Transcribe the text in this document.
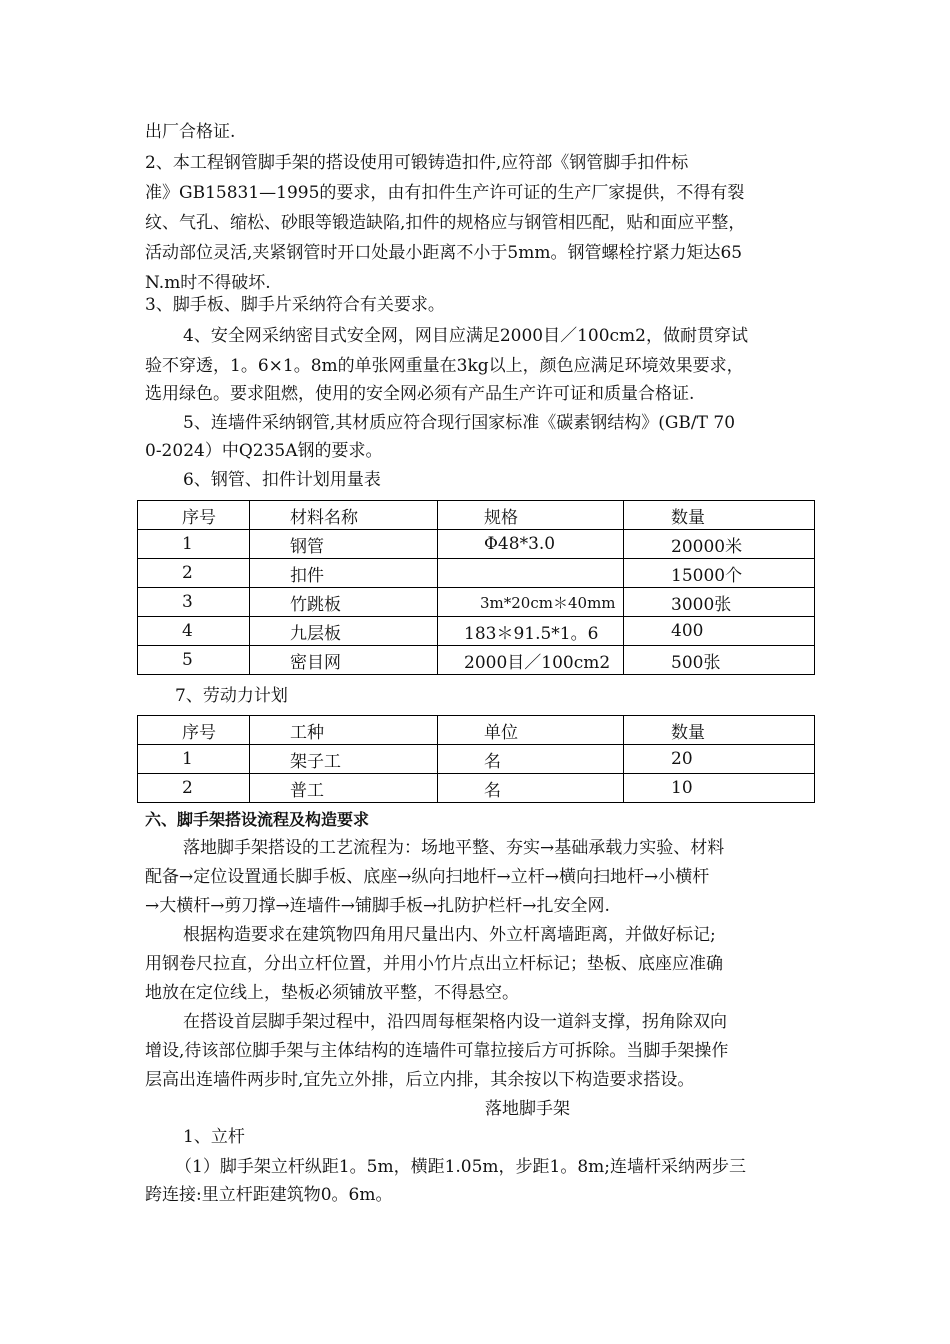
出厂合格证.
2、本工程钢管脚手架的搭设使用可锻铸造扣件,应符部《钢管脚手扣件标
准》GB15831—1995的要求，由有扣件生产许可证的生产厂家提供，不得有裂
纹、气孔、缩松、砂眼等锻造缺陷,扣件的规格应与钢管相匹配，贴和面应平整，
活动部位灵活,夹紧钢管时开口处最小距离不小于5mm。钢管螺栓拧紧力矩达65
N.m时不得破坏.
3、脚手板、脚手片采纳符合有关要求。
4、安全网采纳密目式安全网，网目应满足2000目／100cm2，做耐贯穿试
验不穿透，1。6×1。8m的单张网重量在3kg以上，颜色应满足环境效果要求，
选用绿色。要求阻燃，使用的安全网必须有产品生产许可证和质量合格证.
5、连墙件采纳钢管,其材质应符合现行国家标准《碳素钢结构》(GB/T 70
0-2024）中Q235A钢的要求。
6、钢管、扣件计划用量表
序号	材料名称	规格	数量
1	钢管	Φ48*3.0	20000米
2	扣件		15000个
3	竹跳板	3m*20cm＊40mm	3000张
4	九层板	183＊91.5*1。6	400
5	密目网	2000目／100cm2	500张
7、劳动力计划
序号	工种	单位	数量
1	架子工	名	20
2	普工	名	10
六、脚手架搭设流程及构造要求
落地脚手架搭设的工艺流程为：场地平整、夯实→基础承载力实验、材料
配备→定位设置通长脚手板、底座→纵向扫地杆→立杆→横向扫地杆→小横杆
→大横杆→剪刀撑→连墙件→铺脚手板→扎防护栏杆→扎安全网.
根据构造要求在建筑物四角用尺量出内、外立杆离墙距离，并做好标记;
用钢卷尺拉直，分出立杆位置，并用小竹片点出立杆标记；垫板、底座应准确
地放在定位线上，垫板必须铺放平整，不得悬空。
在搭设首层脚手架过程中，沿四周每框架格内设一道斜支撑，拐角除双向
增设,待该部位脚手架与主体结构的连墙件可靠拉接后方可拆除。当脚手架操作
层高出连墙件两步时,宜先立外排，后立内排，其余按以下构造要求搭设。
落地脚手架
1、立杆
（1）脚手架立杆纵距1。5m，横距1.05m，步距1。8m;连墙杆采纳两步三
跨连接:里立杆距建筑物0。6m。
